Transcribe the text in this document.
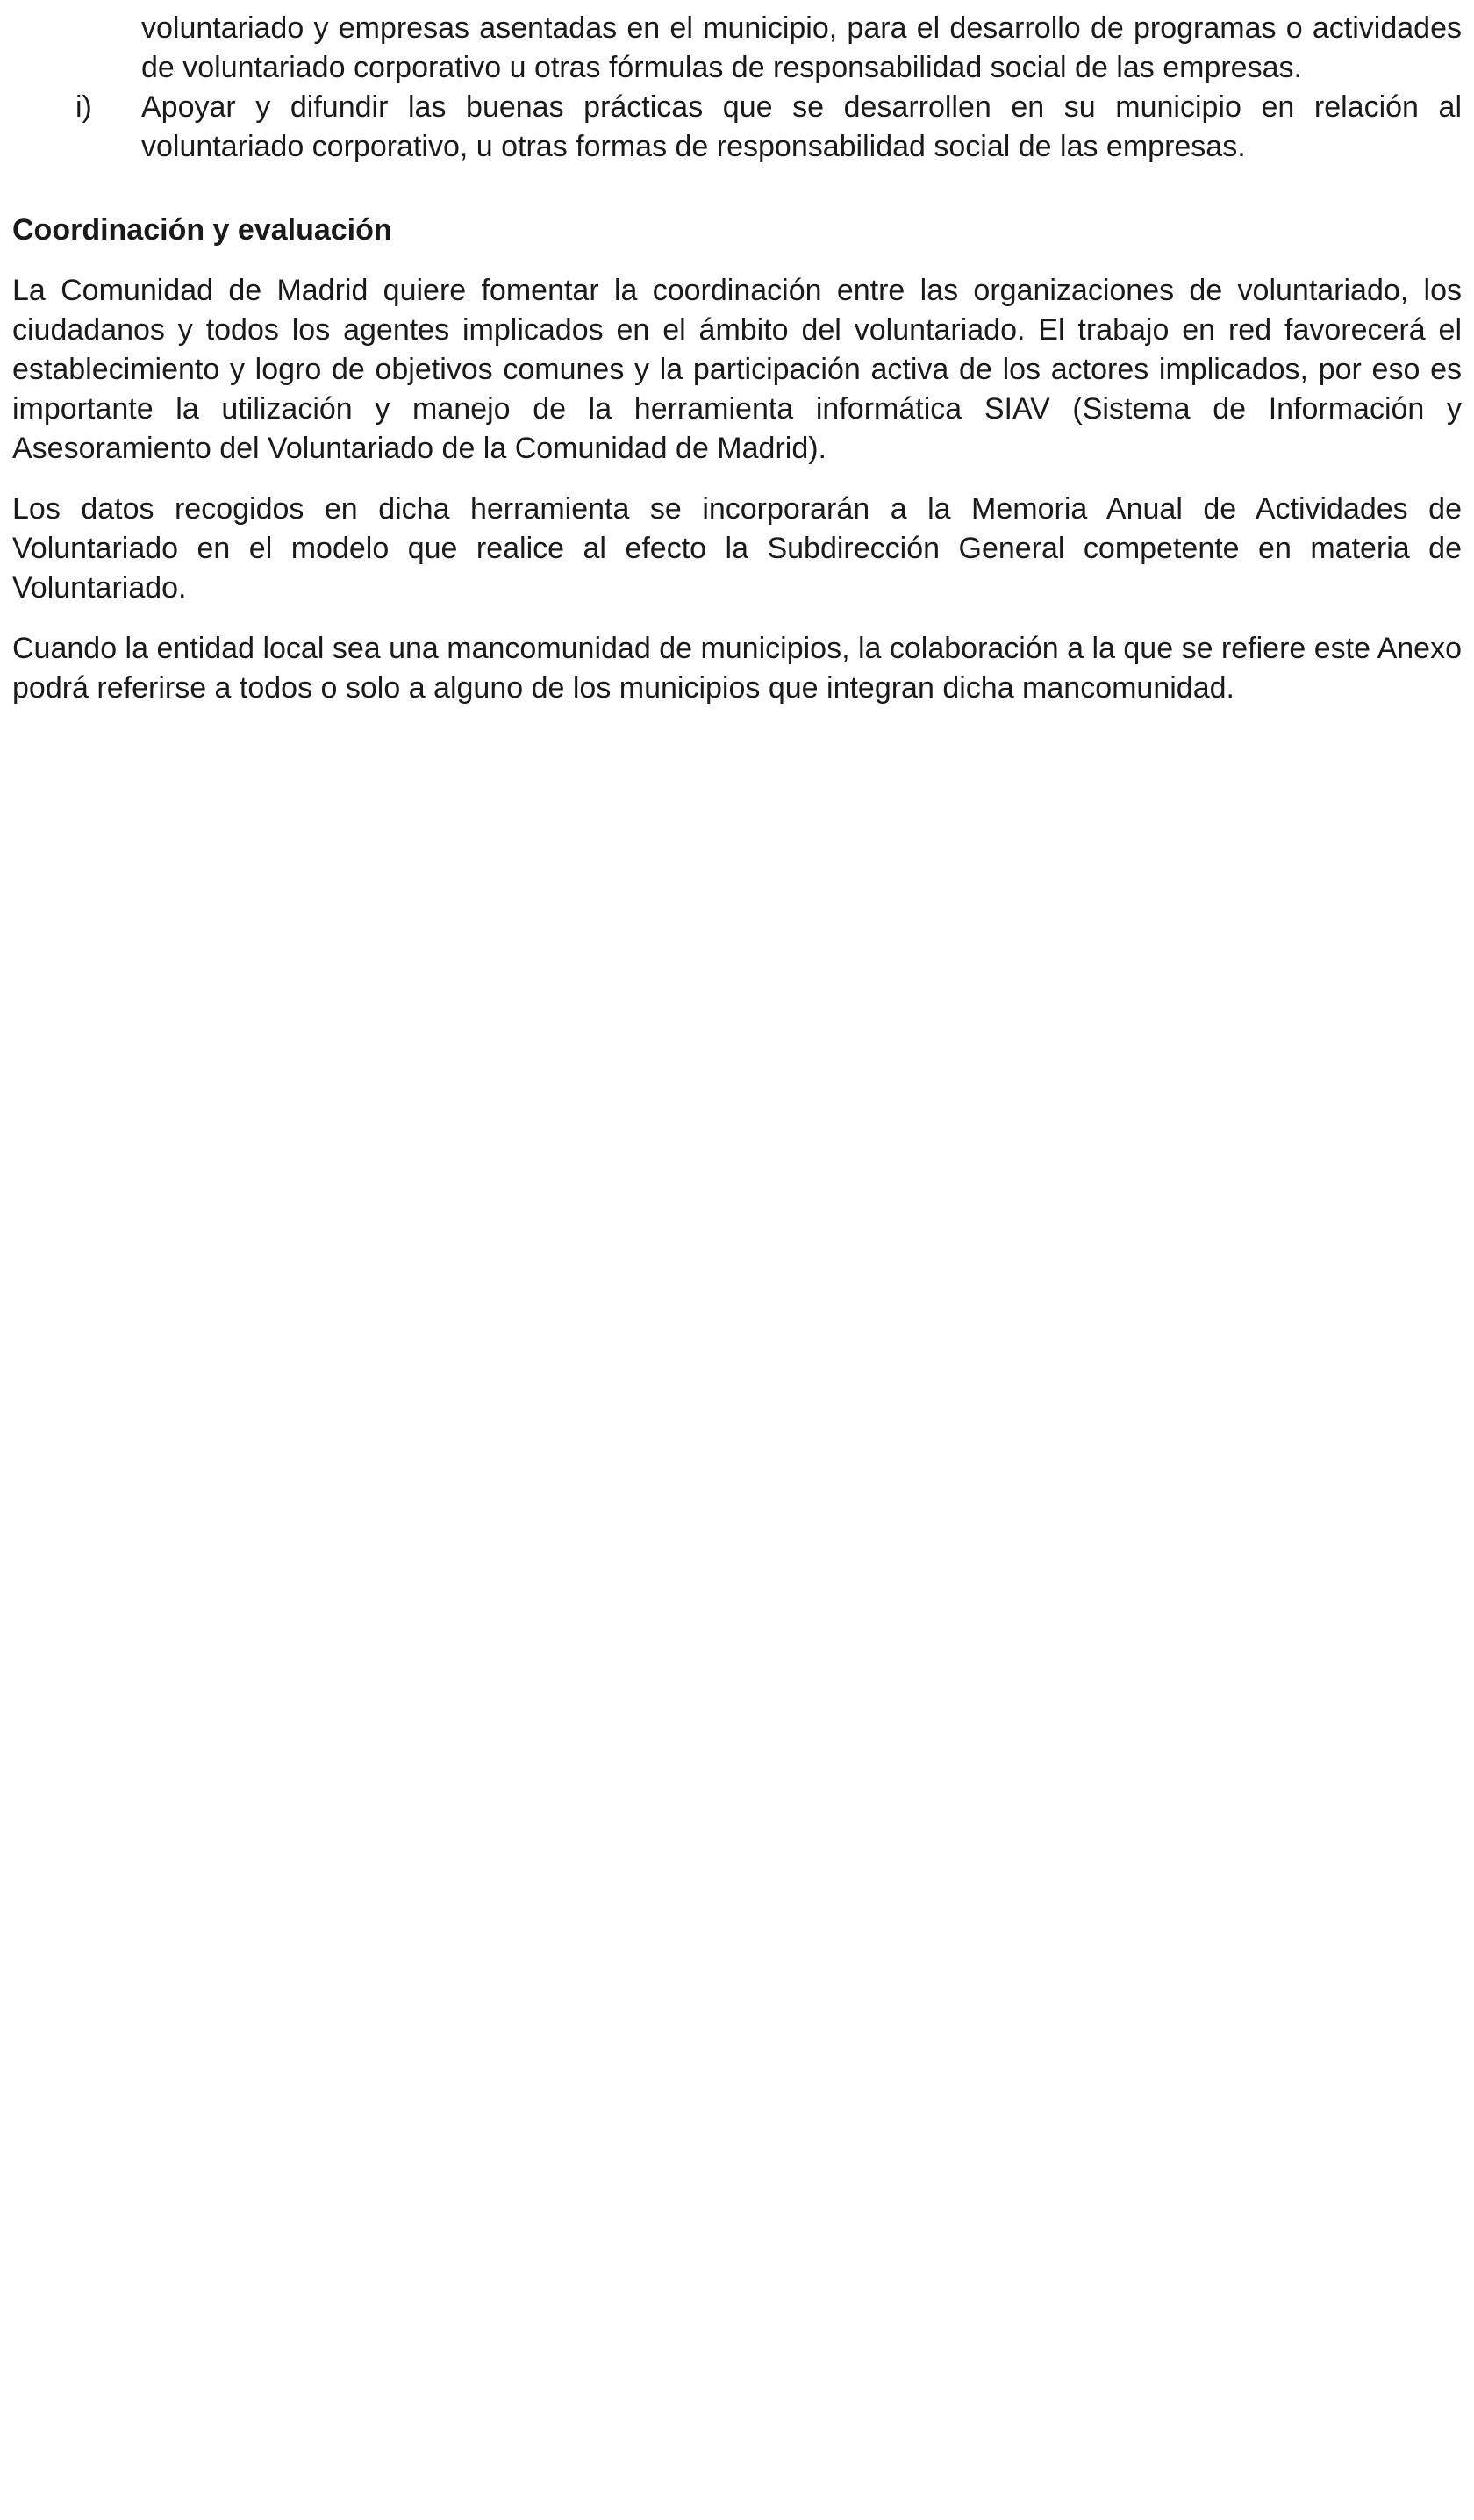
voluntariado y empresas asentadas en el municipio, para el desarrollo de programas o actividades de voluntariado corporativo u otras fórmulas de responsabilidad social de las empresas.
i) Apoyar y difundir las buenas prácticas que se desarrollen en su municipio en relación al voluntariado corporativo, u otras formas de responsabilidad social de las empresas.
Coordinación y evaluación

La Comunidad de Madrid quiere fomentar la coordinación entre las organizaciones de voluntariado, los ciudadanos y todos los agentes implicados en el ámbito del voluntariado. El trabajo en red favorecerá el establecimiento y logro de objetivos comunes y la participación activa de los actores implicados, por eso es importante la utilización y manejo de la herramienta informática SIAV (Sistema de Información y Asesoramiento del Voluntariado de la Comunidad de Madrid).

Los datos recogidos en dicha herramienta se incorporarán a la Memoria Anual de Actividades de Voluntariado en el modelo que realice al efecto la Subdirección General competente en materia de Voluntariado.

Cuando la entidad local sea una mancomunidad de municipios, la colaboración a la que se refiere este Anexo podrá referirse a todos o solo a alguno de los municipios que integran dicha mancomunidad.
